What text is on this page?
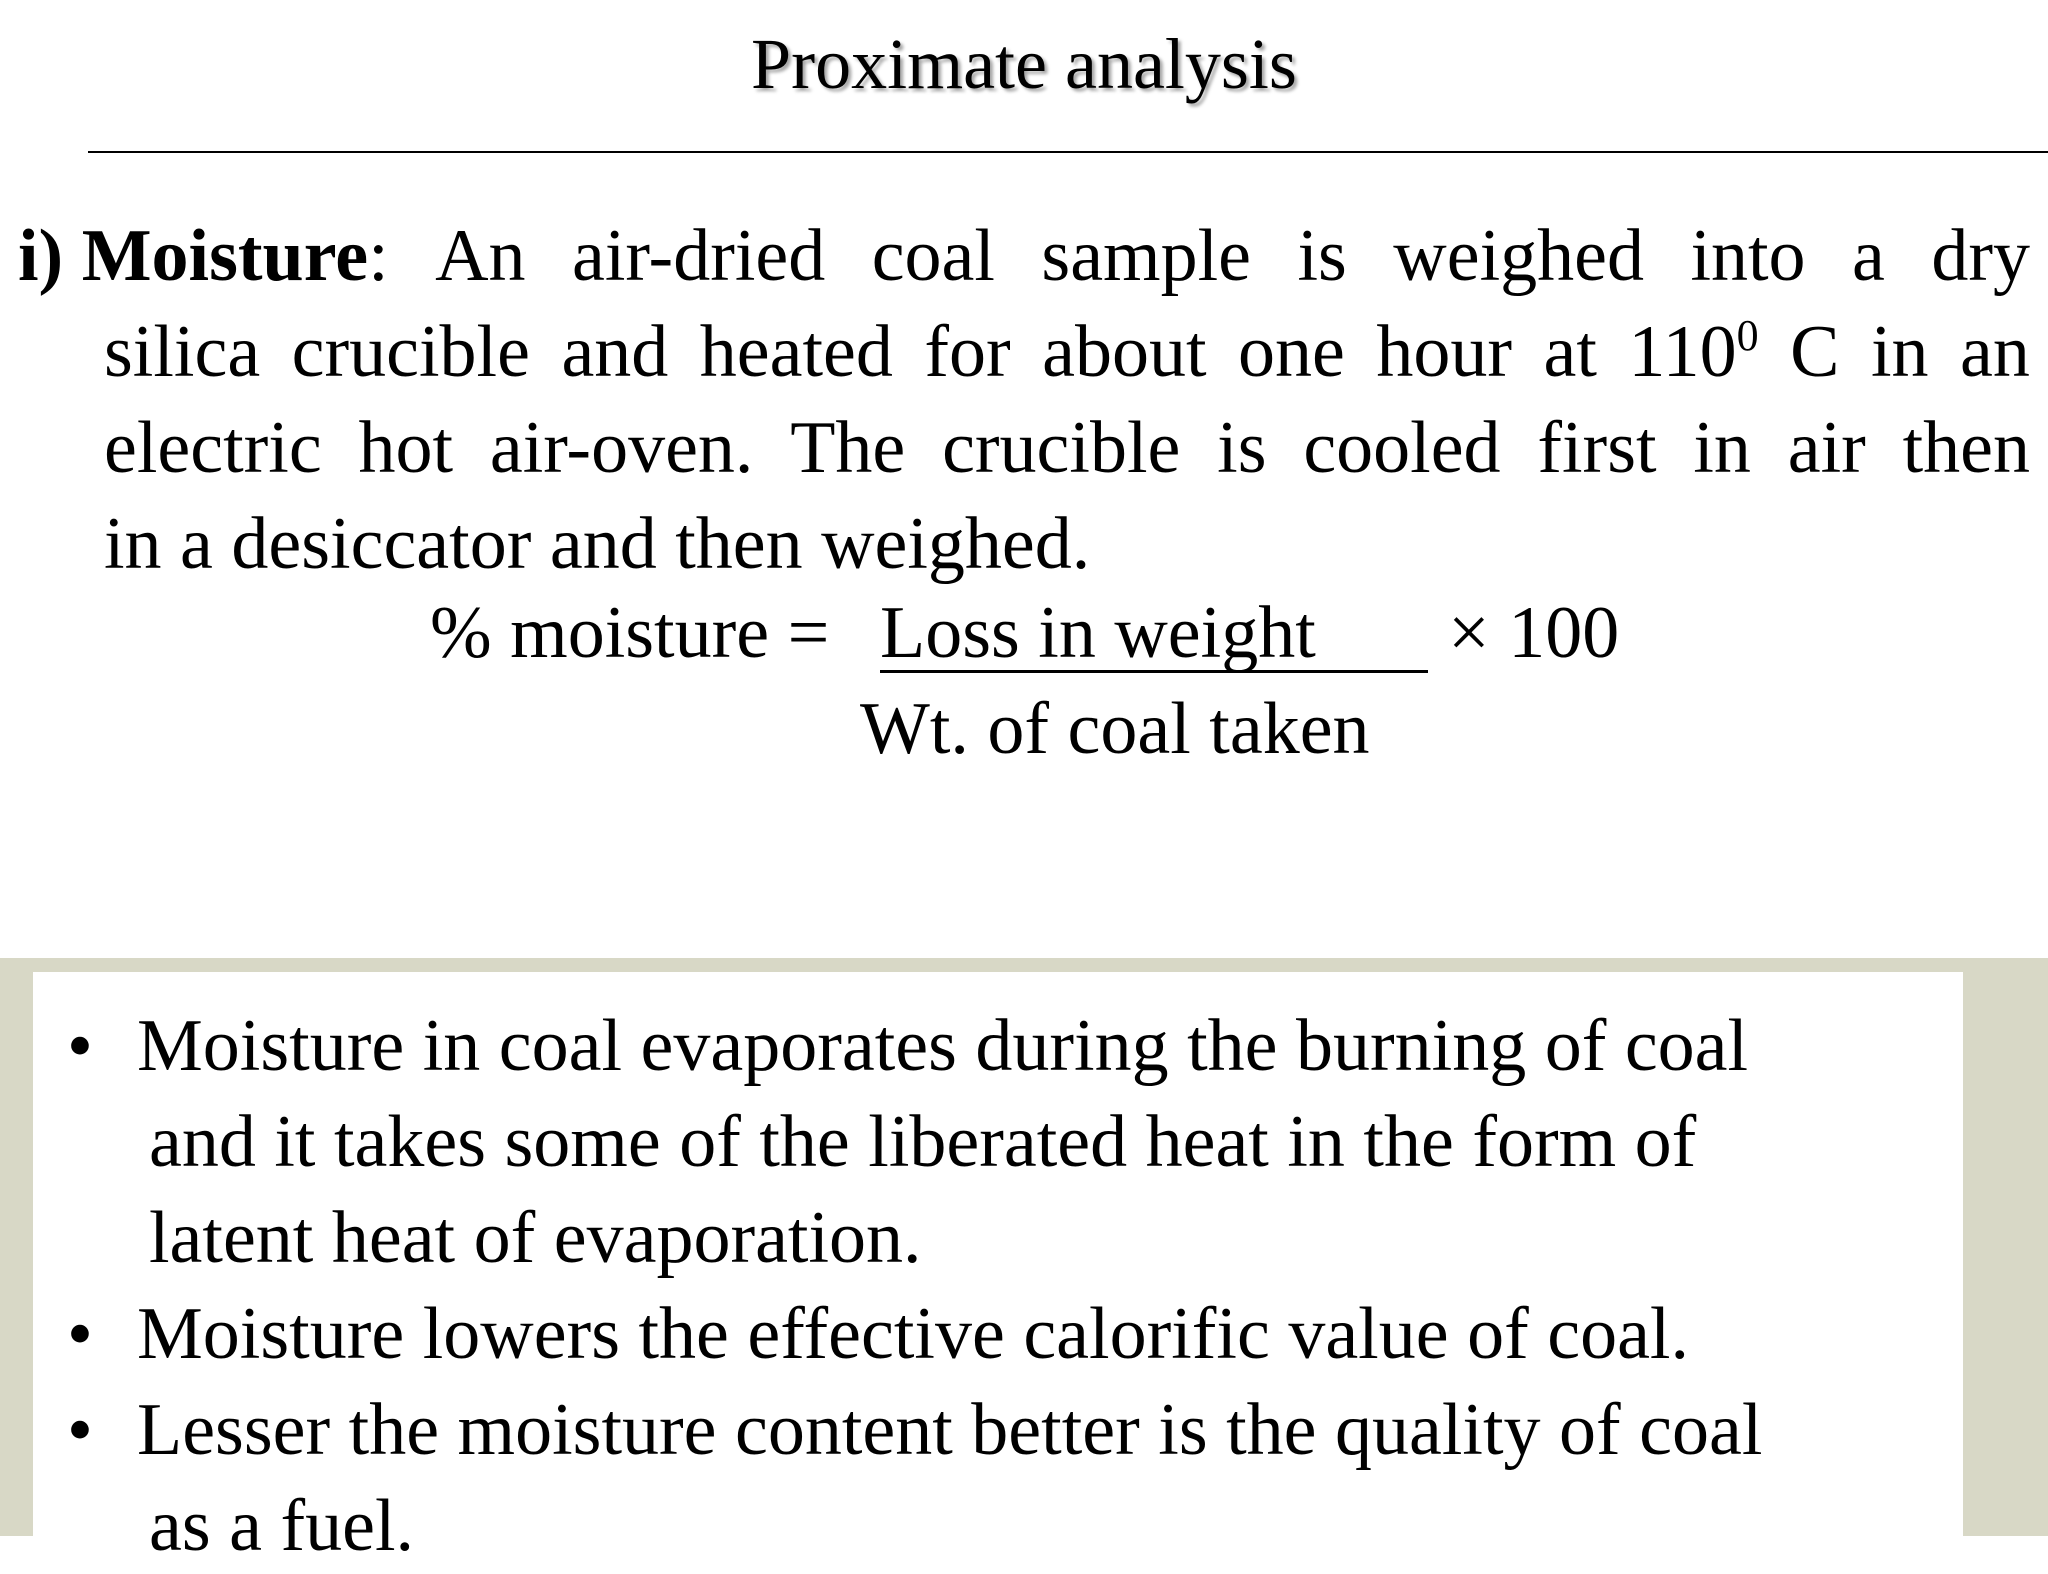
Proximate analysis
i) Moisture: An air-dried coal sample is weighed into a dry
silica crucible and heated for about one hour at $110^0$ C in an
electric hot air-oven. The crucible is cooled first in air then
in a desiccator and then weighed.
% moisture = Loss in weight	× 100
Wt. of coal taken
• Moisture in coal evaporates during the burning of coal
and it takes some of the liberated heat in the form of
latent heat of evaporation.
• Moisture lowers the effective calorific value of coal.
• Lesser the moisture content better is the quality of coal
as a fuel.
